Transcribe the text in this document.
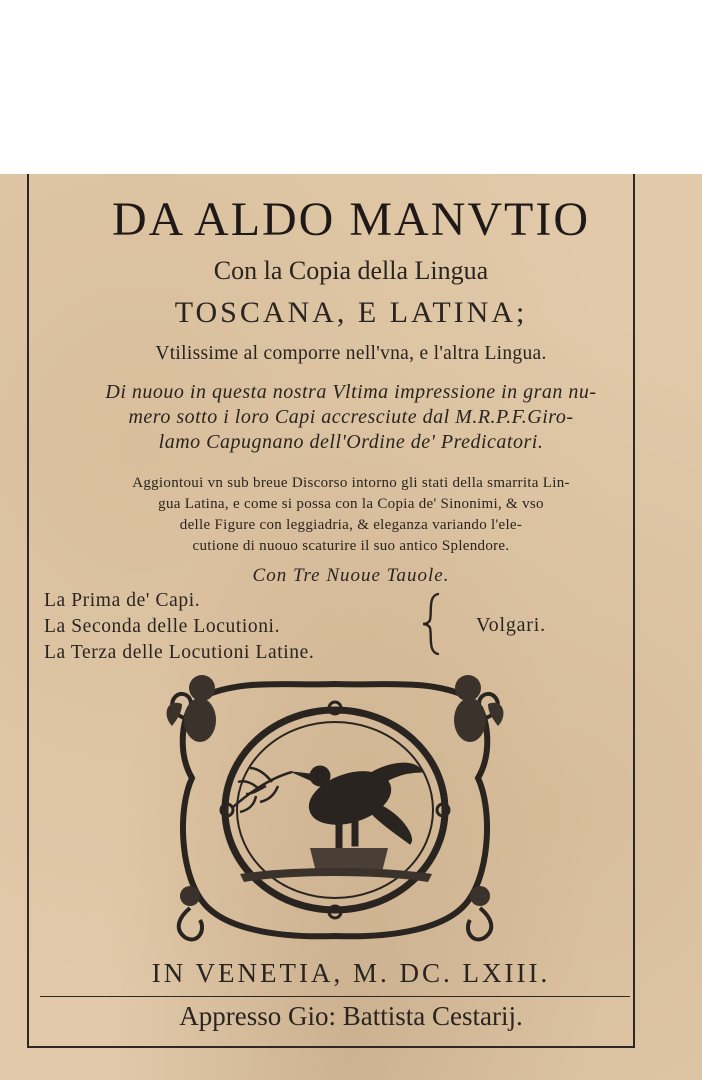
DA ALDO MANVTIO
Con la Copia della Lingua
TOSCANA, E LATINA;
Vtilissime al comporre nell'vna, e l'altra Lingua.
Di nuouo in questa nostra Vltima impressione in gran nu-
mero sotto i loro Capi accresciute dal M.R.P.F.Giro-
lamo Capugnano dell'Ordine de' Predicatori.
Aggiontoui vn sub breue Discorso intorno gli stati della smarrita Lin-
gua Latina, e come si possa con la Copia de' Sinonimi, & vso
delle Figure con leggiadria, & eleganza variando l'ele-
cutione di nuouo scaturire il suo antico Splendore.
Con Tre Nuoue Tauole.
La Prima de' Capi.
La Seconda delle Locutioni.
La Terza delle Locutioni Latine.
Volgari.
IN VENETIA, M. DC. LXIII.
Appresso Gio: Battista Cestarij.
